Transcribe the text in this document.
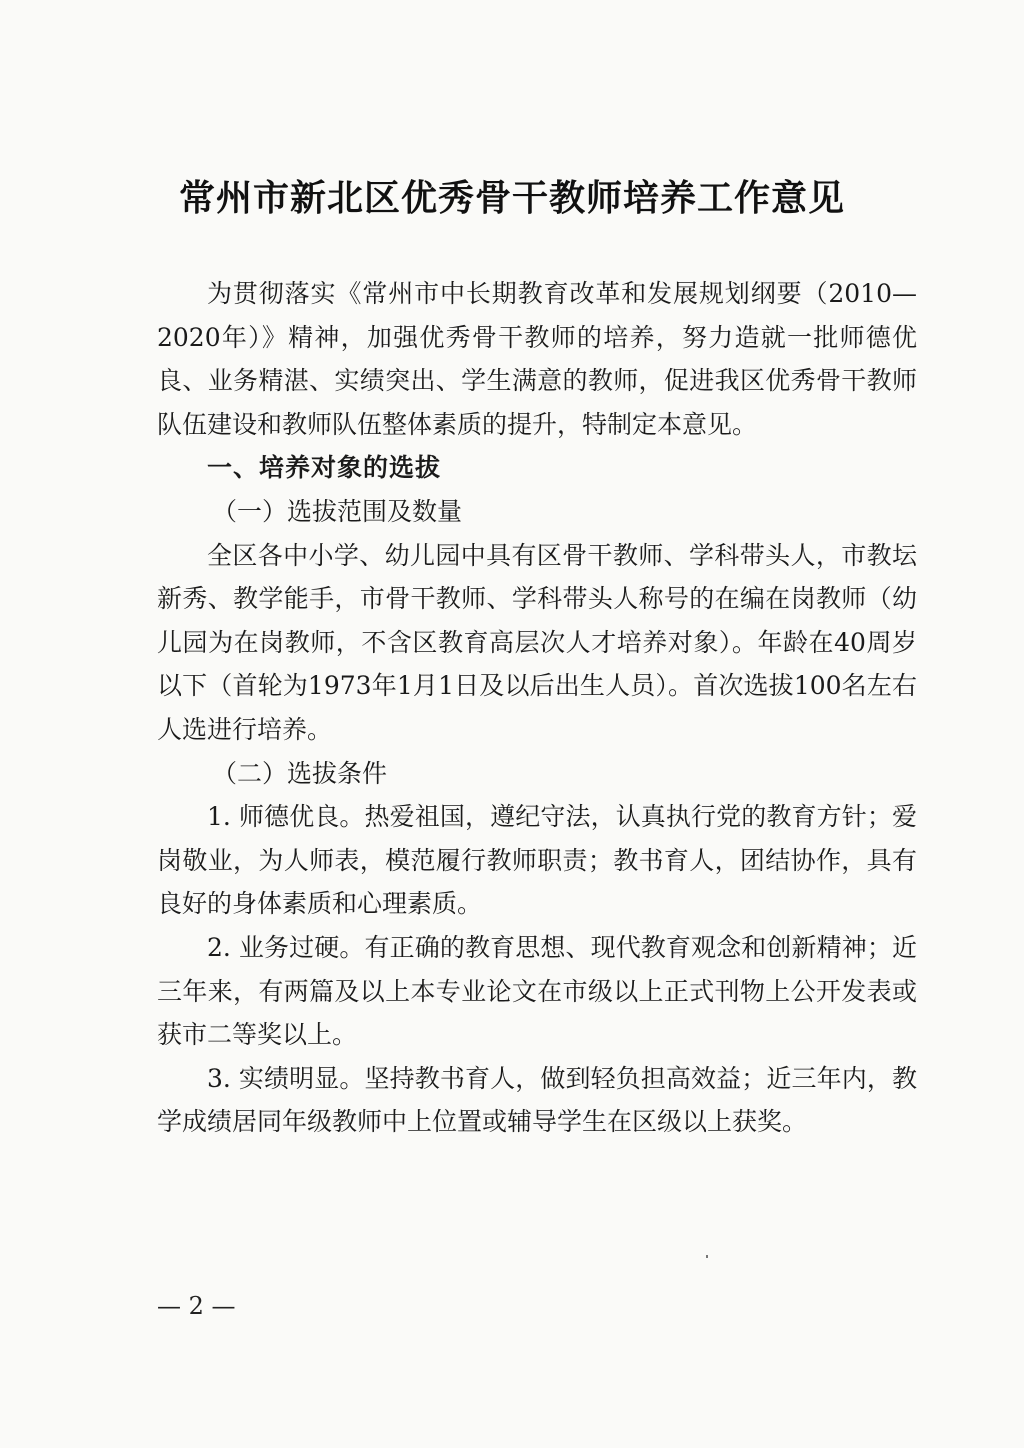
常州市新北区优秀骨干教师培养工作意见

为贯彻落实《常州市中长期教育改革和发展规划纲要（2010—2020年）》精神，加强优秀骨干教师的培养，努力造就一批师德优良、业务精湛、实绩突出、学生满意的教师，促进我区优秀骨干教师队伍建设和教师队伍整体素质的提升，特制定本意见。

一、培养对象的选拔

（一）选拔范围及数量

全区各中小学、幼儿园中具有区骨干教师、学科带头人，市教坛新秀、教学能手，市骨干教师、学科带头人称号的在编在岗教师（幼儿园为在岗教师，不含区教育高层次人才培养对象）。年龄在40周岁以下（首轮为1973年1月1日及以后出生人员）。首次选拔100名左右人选进行培养。

（二）选拔条件

1. 师德优良。热爱祖国，遵纪守法，认真执行党的教育方针；爱岗敬业，为人师表，模范履行教师职责；教书育人，团结协作，具有良好的身体素质和心理素质。

2. 业务过硬。有正确的教育思想、现代教育观念和创新精神；近三年来，有两篇及以上本专业论文在市级以上正式刊物上公开发表或获市二等奖以上。

3. 实绩明显。坚持教书育人，做到轻负担高效益；近三年内，教学成绩居同年级教师中上位置或辅导学生在区级以上获奖。

— 2 —
